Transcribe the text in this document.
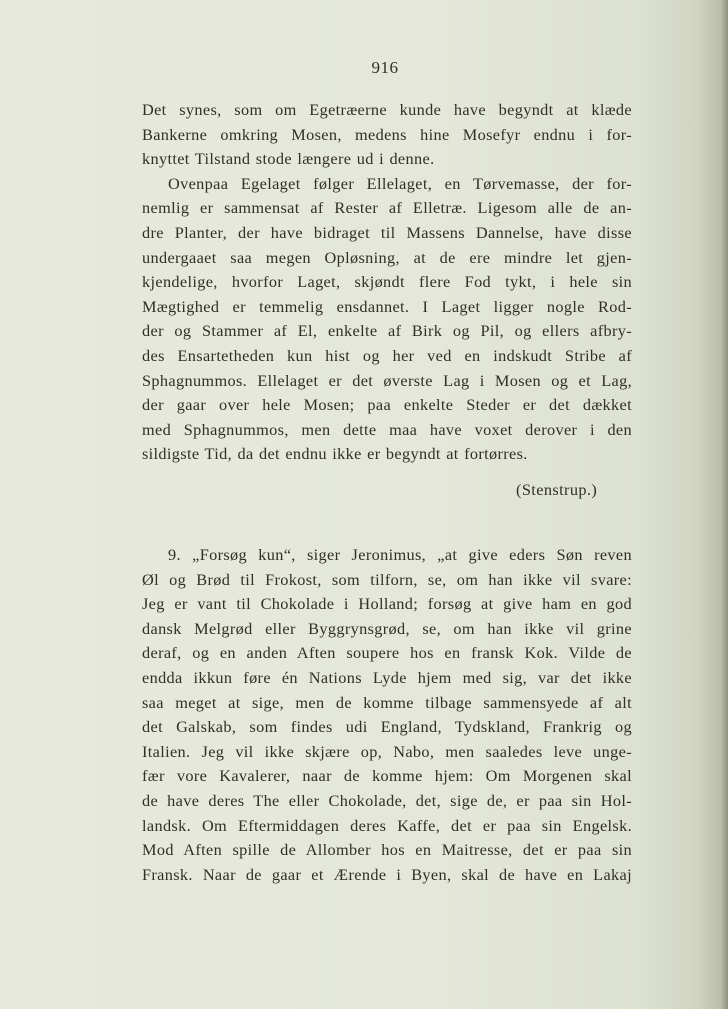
916
Det synes, som om Egetræerne kunde have begyndt at klæde
Bankerne omkring Mosen, medens hine Mosefyr endnu i for-
knyttet Tilstand stode længere ud i denne.
Ovenpaa Egelaget følger Ellelaget, en Tørvemasse, der for-
nemlig er sammensat af Rester af Elletræ. Ligesom alle de an-
dre Planter, der have bidraget til Massens Dannelse, have disse
undergaaet saa megen Opløsning, at de ere mindre let gjen-
kjendelige, hvorfor Laget, skjøndt flere Fod tykt, i hele sin
Mægtighed er temmelig ensdannet. I Laget ligger nogle Rod-
der og Stammer af El, enkelte af Birk og Pil, og ellers afbry-
des Ensartetheden kun hist og her ved en indskudt Stribe af
Sphagnummos. Ellelaget er det øverste Lag i Mosen og et Lag,
der gaar over hele Mosen; paa enkelte Steder er det dækket
med Sphagnummos, men dette maa have voxet derover i den
sildigste Tid, da det endnu ikke er begyndt at fortørres.
(Stenstrup.)
9. „Forsøg kun“, siger Jeronimus, „at give eders Søn reven
Øl og Brød til Frokost, som tilforn, se, om han ikke vil svare:
Jeg er vant til Chokolade i Holland; forsøg at give ham en god
dansk Melgrød eller Byggrynsgrød, se, om han ikke vil grine
deraf, og en anden Aften soupere hos en fransk Kok. Vilde de
endda ikkun føre én Nations Lyde hjem med sig, var det ikke
saa meget at sige, men de komme tilbage sammensyede af alt
det Galskab, som findes udi England, Tydskland, Frankrig og
Italien. Jeg vil ikke skjære op, Nabo, men saaledes leve unge-
fær vore Kavalerer, naar de komme hjem: Om Morgenen skal
de have deres The eller Chokolade, det, sige de, er paa sin Hol-
landsk. Om Eftermiddagen deres Kaffe, det er paa sin Engelsk.
Mod Aften spille de Allomber hos en Maitresse, det er paa sin
Fransk. Naar de gaar et Ærende i Byen, skal de have en Lakaj
